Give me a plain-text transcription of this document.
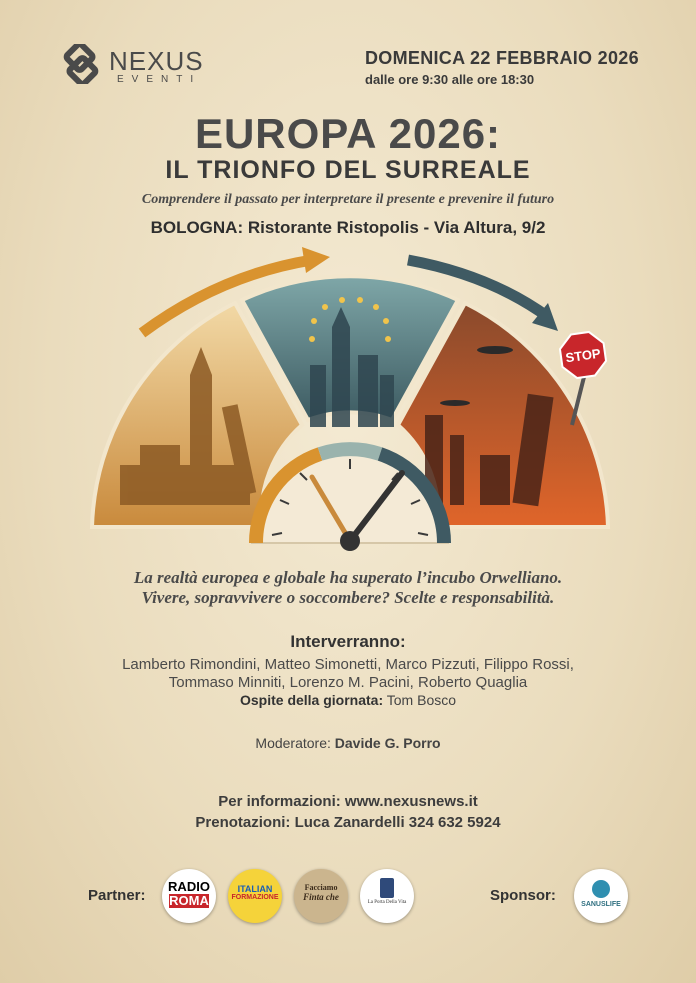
NEXUS
EVENTI
DOMENICA 22 FEBBRAIO 2026
dalle ore 9:30 alle ore 18:30
EUROPA 2026:
IL TRIONFO DEL SURREALE
Comprendere il passato per interpretare il presente e prevenire il futuro
BOLOGNA: Ristorante Ristopolis - Via Altura, 9/2
STOP
La realtà europea e globale ha superato l’incubo Orwelliano.
Vivere, sopravvivere o soccombere? Scelte e responsabilità.
Interverranno:
Lamberto Rimondini, Matteo Simonetti, Marco Pizzuti, Filippo Rossi,
Tommaso Minniti, Lorenzo M. Pacini, Roberto Quaglia
Ospite della giornata: Tom Bosco
Moderatore: Davide G. Porro
Per informazioni: www.nexusnews.it
Prenotazioni: Luca Zanardelli 324 632 5924
Partner:
RADIO
ROMA
ITALIAN
FORMAZIONE
Facciamo
Finta che
La Porta Della Vita	Sponsor:
SANUSLIFE
